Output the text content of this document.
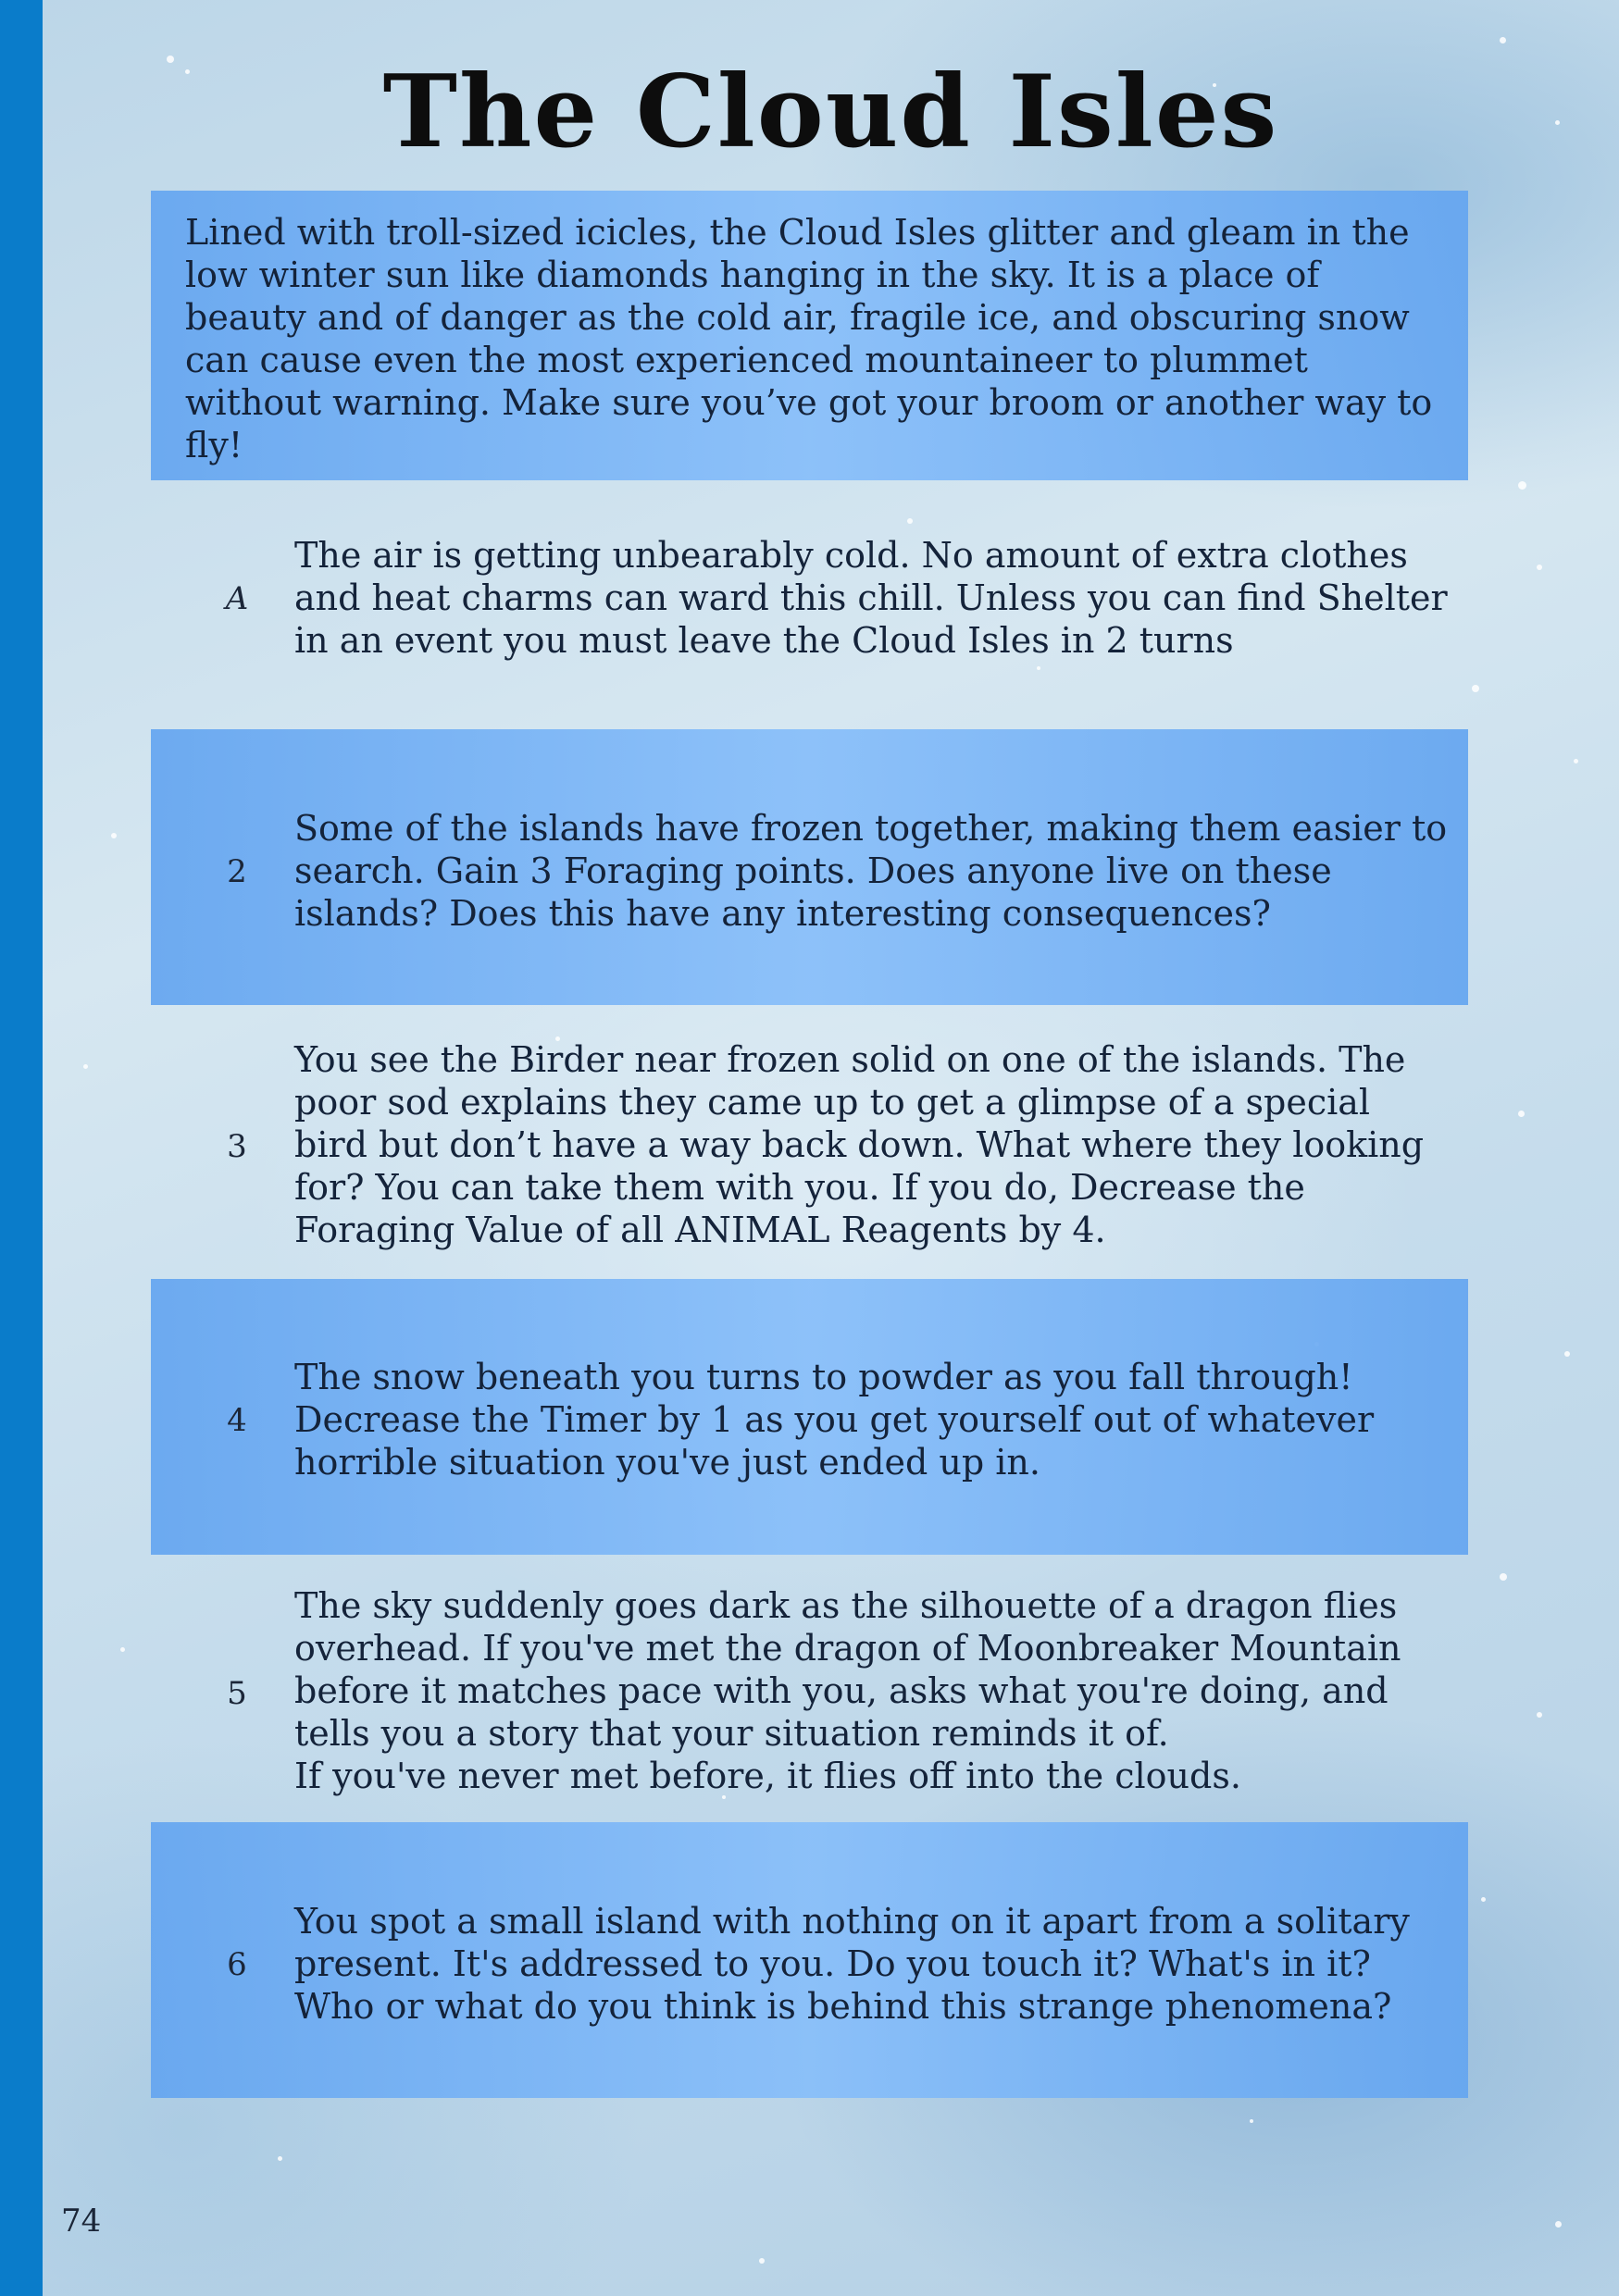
The Cloud Isles
Lined with troll-sized icicles, the Cloud Isles glitter and gleam in the low winter sun like diamonds hanging in the sky. It is a place of beauty and of danger as the cold air, fragile ice, and obscuring snow can cause even the most experienced mountaineer to plummet without warning. Make sure you’ve got your broom or another way to fly!
A
The air is getting unbearably cold. No amount of extra clothes and heat charms can ward this chill. Unless you can find Shelter in an event you must leave the Cloud Isles in 2 turns
2
Some of the islands have frozen together, making them easier to search. Gain 3 Foraging points. Does anyone live on these islands? Does this have any interesting consequences?
3
You see the Birder near frozen solid on one of the islands. The poor sod explains they came up to get a glimpse of a special bird but don’t have a way back down. What where they looking for? You can take them with you. If you do, Decrease the Foraging Value of all ANIMAL Reagents by 4.
4
The snow beneath you turns to powder as you fall through! Decrease the Timer by 1 as you get yourself out of whatever horrible situation you've just ended up in.
5
The sky suddenly goes dark as the silhouette of a dragon flies overhead. If you've met the dragon of Moonbreaker Mountain before it matches pace with you, asks what you're doing, and tells you a story that your situation reminds it of.
If you've never met before, it flies off into the clouds.
6
You spot a small island with nothing on it apart from a solitary present. It's addressed to you. Do you touch it? What's in it? Who or what do you think is behind this strange phenomena?
74
